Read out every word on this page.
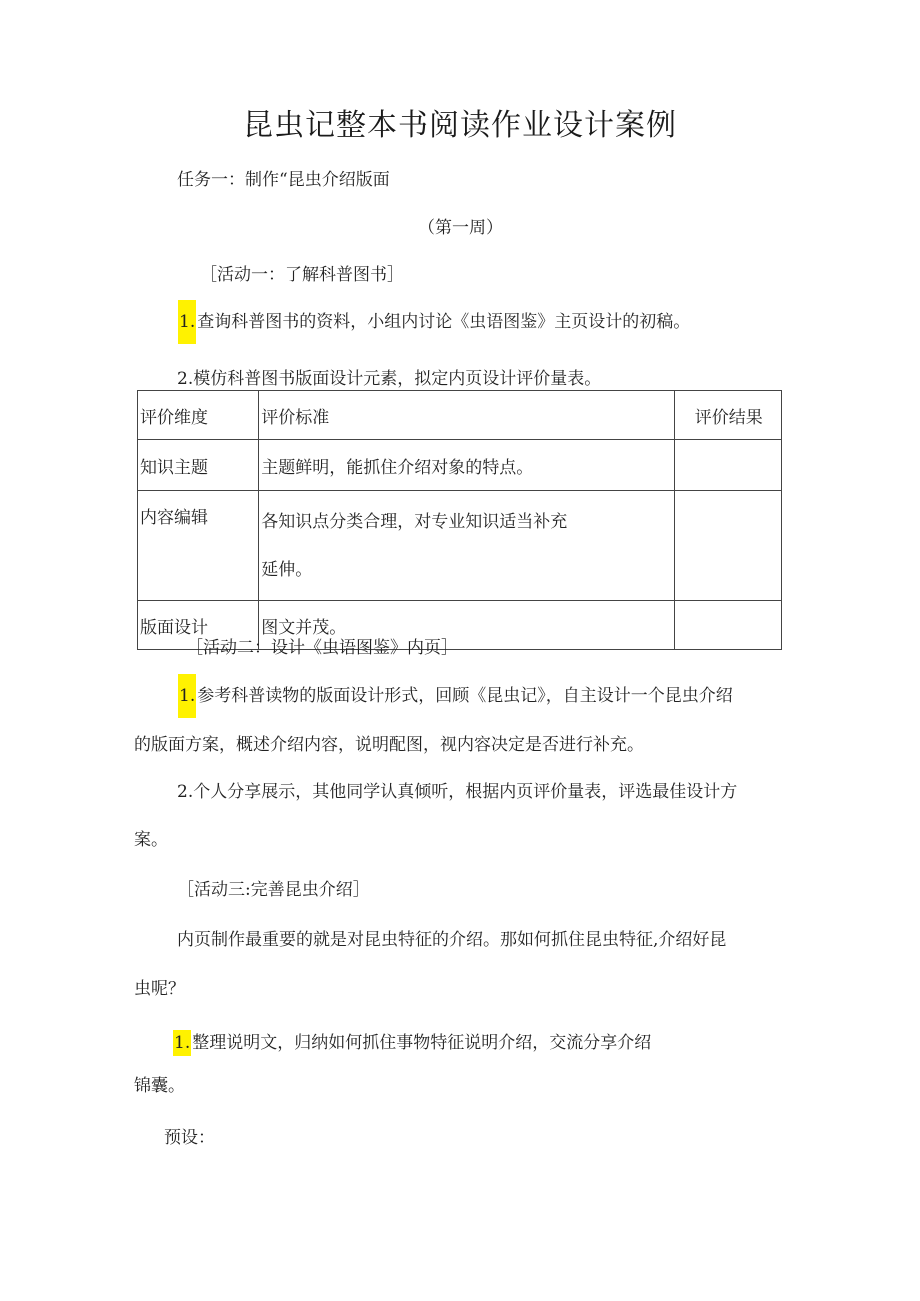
昆虫记整本书阅读作业设计案例
任务一：制作“昆虫介绍版面
（第一周）
［活动一：了解科普图书］
1. 查询科普图书的资料，小组内讨论《虫语图鉴》主页设计的初稿。
2.模仿科普图书版面设计元素，拟定内页设计评价量表。
评价维度	评价标准	评价结果
知识主题	主题鲜明，能抓住介绍对象的特点。	
内容编辑	各知识点分类合理，对专业知识适当补充
延伸。	

版面设计	图文并茂。	
［活动二：设计《虫语图鉴》内页］
1. 参考科普读物的版面设计形式，回顾《昆虫记》，自主设计一个昆虫介绍
的版面方案，概述介绍内容，说明配图，视内容决定是否进行补充。
2.个人分享展示，其他同学认真倾听，根据内页评价量表，评选最佳设计方
案。
［活动三:完善昆虫介绍］
内页制作最重要的就是对昆虫特征的介绍。那如何抓住昆虫特征,介绍好昆
虫呢？
1. 整理说明文，归纳如何抓住事物特征说明介绍，交流分享介绍
锦囊。
预设：
